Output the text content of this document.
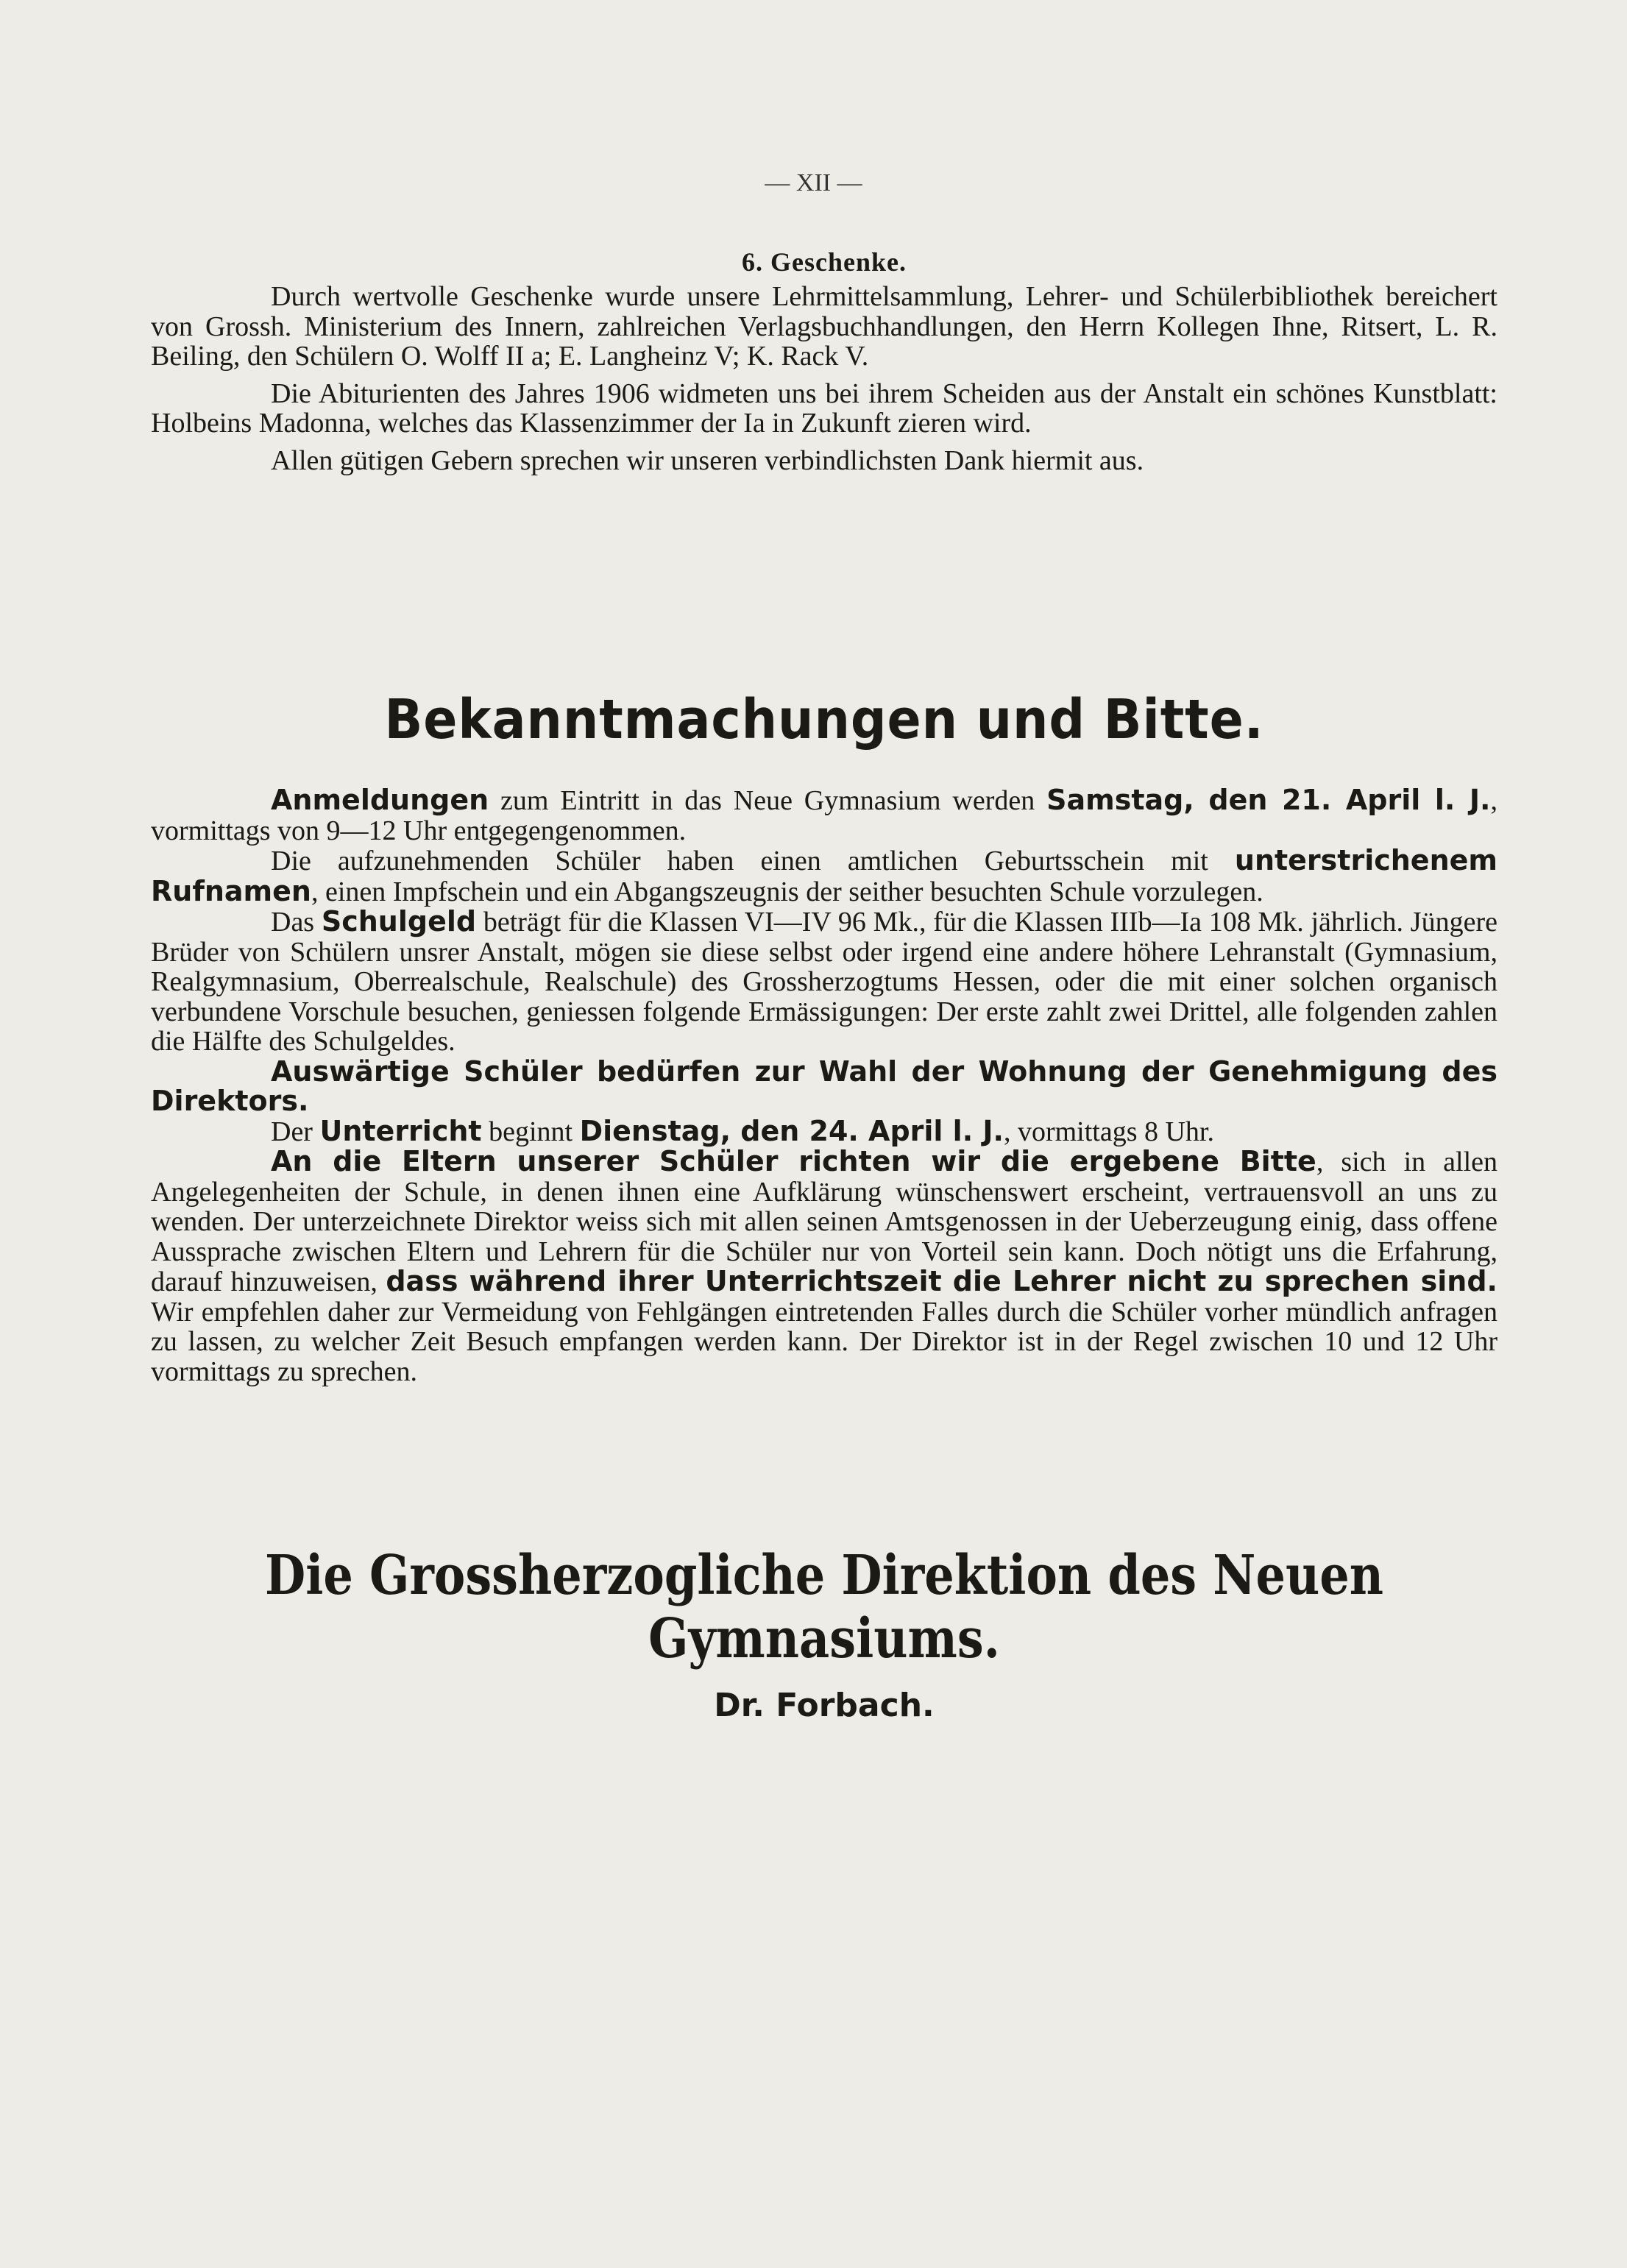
— XII —

6. Geschenke.

Durch wertvolle Geschenke wurde unsere Lehrmittelsammlung, Lehrer- und Schülerbibliothek bereichert von Grossh. Ministerium des Innern, zahlreichen Verlagsbuchhandlungen, den Herrn Kollegen Ihne, Ritsert, L. R. Beiling, den Schülern O. Wolff II a; E. Langheinz V; K. Rack V.

Die Abiturienten des Jahres 1906 widmeten uns bei ihrem Scheiden aus der Anstalt ein schönes Kunstblatt: Holbeins Madonna, welches das Klassenzimmer der Ia in Zukunft zieren wird.

Allen gütigen Gebern sprechen wir unseren verbindlichsten Dank hiermit aus.

Bekanntmachungen und Bitte.

Anmeldungen zum Eintritt in das Neue Gymnasium werden Samstag, den 21. April l. J., vormittags von 9—12 Uhr entgegengenommen.

Die aufzunehmenden Schüler haben einen amtlichen Geburtsschein mit unterstrichenem Rufnamen, einen Impfschein und ein Abgangszeugnis der seither besuchten Schule vorzulegen.

Das Schulgeld beträgt für die Klassen VI—IV 96 Mk., für die Klassen IIIb—Ia 108 Mk. jährlich. Jüngere Brüder von Schülern unsrer Anstalt, mögen sie diese selbst oder irgend eine andere höhere Lehranstalt (Gymnasium, Realgymnasium, Oberrealschule, Realschule) des Grossherzogtums Hessen, oder die mit einer solchen organisch verbundene Vorschule besuchen, geniessen folgende Ermässigungen: Der erste zahlt zwei Drittel, alle folgenden zahlen die Hälfte des Schulgeldes.

Auswärtige Schüler bedürfen zur Wahl der Wohnung der Genehmigung des Direktors.

Der Unterricht beginnt Dienstag, den 24. April l. J., vormittags 8 Uhr.

An die Eltern unserer Schüler richten wir die ergebene Bitte, sich in allen Angelegenheiten der Schule, in denen ihnen eine Aufklärung wünschenswert erscheint, vertrauensvoll an uns zu wenden. Der unterzeichnete Direktor weiss sich mit allen seinen Amtsgenossen in der Ueberzeugung einig, dass offene Aussprache zwischen Eltern und Lehrern für die Schüler nur von Vorteil sein kann. Doch nötigt uns die Erfahrung, darauf hinzuweisen, dass während ihrer Unterrichtszeit die Lehrer nicht zu sprechen sind. Wir empfehlen daher zur Vermeidung von Fehlgängen eintretenden Falles durch die Schüler vorher mündlich anfragen zu lassen, zu welcher Zeit Besuch empfangen werden kann. Der Direktor ist in der Regel zwischen 10 und 12 Uhr vormittags zu sprechen.

Die Grossherzogliche Direktion des Neuen Gymnasiums.

Dr. Forbach.
